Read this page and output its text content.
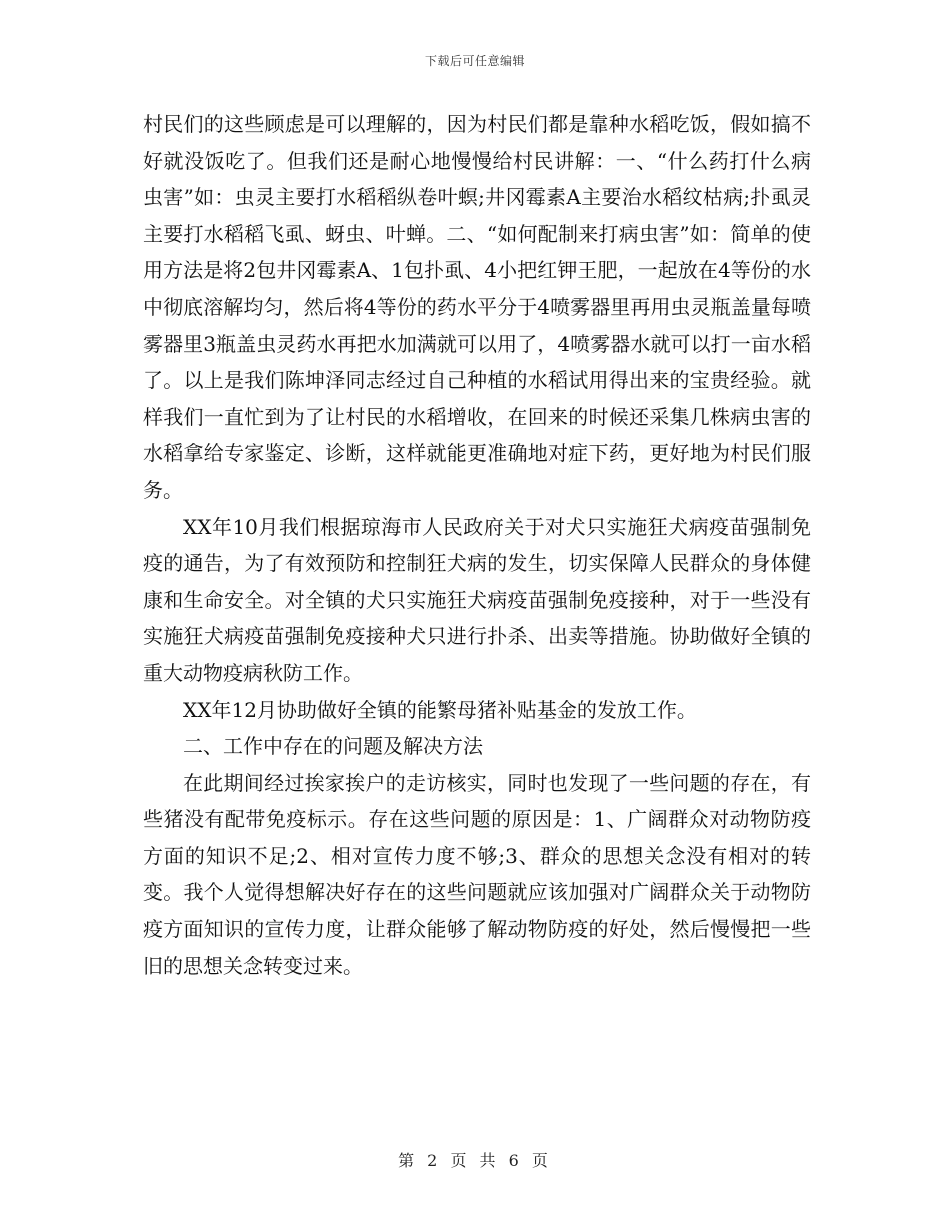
下载后可任意编辑

村民们的这些顾虑是可以理解的，因为村民们都是靠种水稻吃饭，假如搞不好就没饭吃了。但我们还是耐心地慢慢给村民讲解：一、“什么药打什么病虫害”如：虫灵主要打水稻稻纵卷叶螟;井冈霉素A主要治水稻纹枯病;扑虱灵主要打水稻稻飞虱、蚜虫、叶蝉。二、“如何配制来打病虫害”如：简单的使用方法是将2包井冈霉素A、1包扑虱、4小把红钾王肥，一起放在4等份的水中彻底溶解均匀，然后将4等份的药水平分于4喷雾器里再用虫灵瓶盖量每喷雾器里3瓶盖虫灵药水再把水加满就可以用了，4喷雾器水就可以打一亩水稻了。以上是我们陈坤泽同志经过自己种植的水稻试用得出来的宝贵经验。就样我们一直忙到为了让村民的水稻增收，在回来的时候还采集几株病虫害的水稻拿给专家鉴定、诊断，这样就能更准确地对症下药，更好地为村民们服务。

XX年10月我们根据琼海市人民政府关于对犬只实施狂犬病疫苗强制免疫的通告，为了有效预防和控制狂犬病的发生，切实保障人民群众的身体健康和生命安全。对全镇的犬只实施狂犬病疫苗强制免疫接种，对于一些没有实施狂犬病疫苗强制免疫接种犬只进行扑杀、出卖等措施。协助做好全镇的重大动物疫病秋防工作。

XX年12月协助做好全镇的能繁母猪补贴基金的发放工作。

二、工作中存在的问题及解决方法

在此期间经过挨家挨户的走访核实，同时也发现了一些问题的存在，有些猪没有配带免疫标示。存在这些问题的原因是：1、广阔群众对动物防疫方面的知识不足;2、相对宣传力度不够;3、群众的思想关念没有相对的转变。我个人觉得想解决好存在的这些问题就应该加强对广阔群众关于动物防疫方面知识的宣传力度，让群众能够了解动物防疫的好处，然后慢慢把一些旧的思想关念转变过来。

第 2 页 共 6 页
